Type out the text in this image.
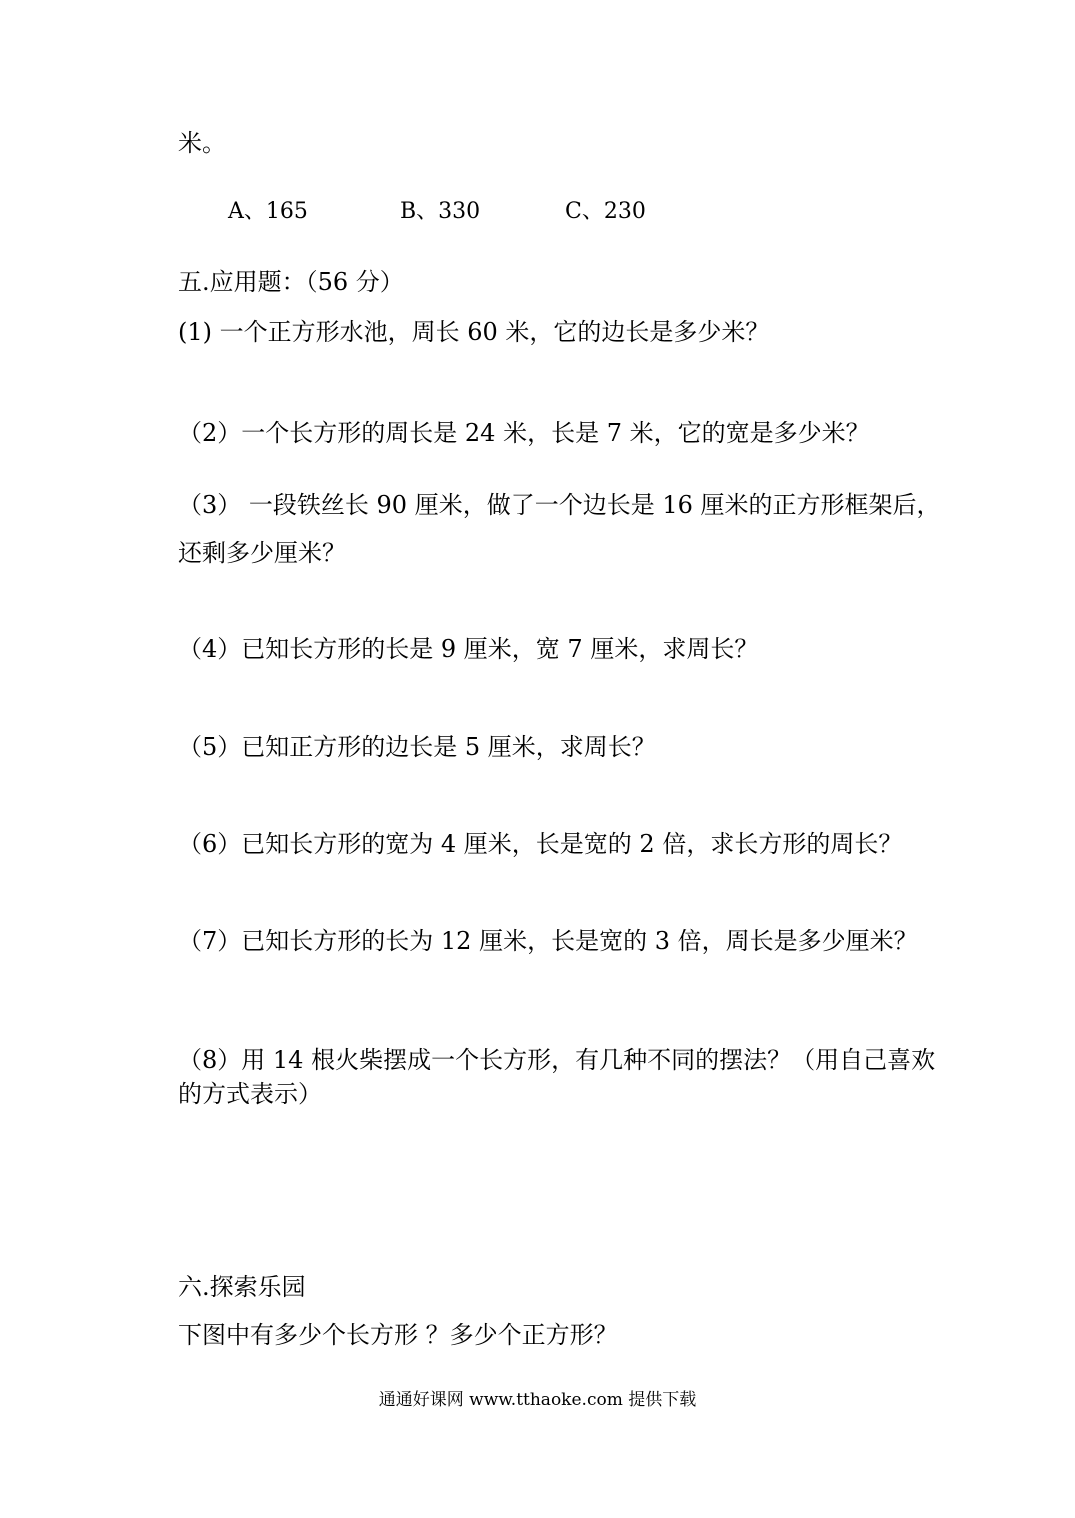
米。
A、165	B、330	C、230
五.应用题：（56 分）
(1) 一个正方形水池，周长 60 米，它的边长是多少米？
（2）一个长方形的周长是 24 米，长是 7 米，它的宽是多少米？
（3） 一段铁丝长 90 厘米，做了一个边长是 16 厘米的正方形框架后，
还剩多少厘米？
（4）已知长方形的长是 9 厘米，宽 7 厘米，求周长？
（5）已知正方形的边长是 5 厘米，求周长？
（6）已知长方形的宽为 4 厘米，长是宽的 2 倍，求长方形的周长？
（7）已知长方形的长为 12 厘米，长是宽的 3 倍，周长是多少厘米？
（8）用 14 根火柴摆成一个长方形，有几种不同的摆法？（用自己喜欢
的方式表示）
六.探索乐园
下图中有多少个长方形 ？多少个正方形？
通通好课网 www.tthaoke.com 提供下载
